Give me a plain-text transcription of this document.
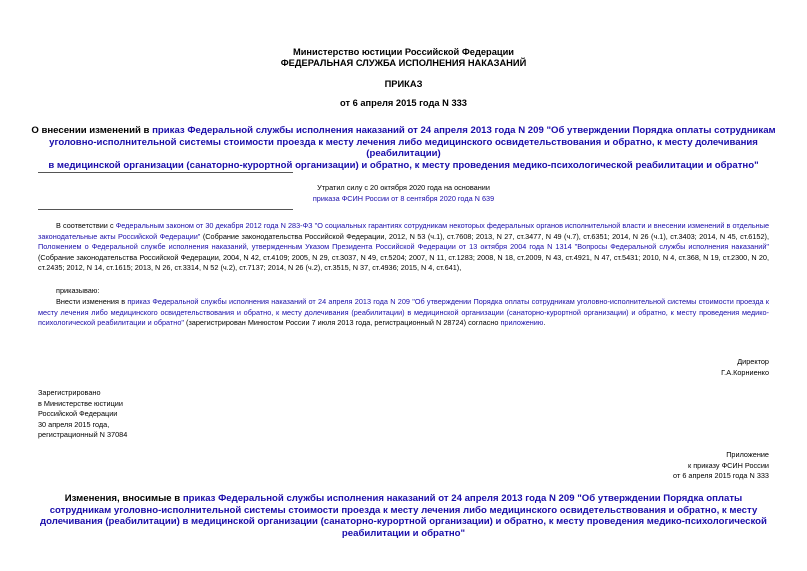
Министерство юстиции Российской Федерации
ФЕДЕРАЛЬНАЯ СЛУЖБА ИСПОЛНЕНИЯ НАКАЗАНИЙ
ПРИКАЗ
от 6 апреля 2015 года N 333
О внесении изменений в приказ Федеральной службы исполнения наказаний от 24 апреля 2013 года N 209 "Об утверждении Порядка оплаты сотрудникам
уголовно-исполнительной системы стоимости проезда к месту лечения либо медицинского освидетельствования и обратно, к месту долечивания (реабилитации)
в медицинской организации (санаторно-курортной организации) и обратно, к месту проведения медико-психологической реабилитации и обратно"
Утратил силу с 20 октября 2020 года на основании
приказа ФСИН России от 8 сентября 2020 года N 639
В соответствии с Федеральным законом от 30 декабря 2012 года N 283-ФЗ "О социальных гарантиях сотрудникам некоторых федеральных органов исполнительной власти и внесении изменений в отдельные законодательные акты Российской Федерации" (Собрание законодательства Российской Федерации, 2012, N 53 (ч.1), ст.7608; 2013, N 27, ст.3477, N 49 (ч.7), ст.6351; 2014, N 26 (ч.1), ст.3403; 2014, N 45, ст.6152), Положением о Федеральной службе исполнения наказаний, утвержденным Указом Президента Российской Федерации от 13 октября 2004 года N 1314 "Вопросы Федеральной службы исполнения наказаний" (Собрание законодательства Российской Федерации, 2004, N 42, ст.4109; 2005, N 29, ст.3037, N 49, ст.5204; 2007, N 11, ст.1283; 2008, N 18, ст.2009, N 43, ст.4921, N 47, ст.5431; 2010, N 4, ст.368, N 19, ст.2300, N 20, ст.2435; 2012, N 14, ст.1615; 2013, N 26, ст.3314, N 52 (ч.2), ст.7137; 2014, N 26 (ч.2), ст.3515, N 37, ст.4936; 2015, N 4, ст.641),
приказываю:
Внести изменения в приказ Федеральной службы исполнения наказаний от 24 апреля 2013 года N 209 "Об утверждении Порядка оплаты сотрудникам уголовно-исполнительной системы стоимости проезда к месту лечения либо медицинского освидетельствования и обратно, к месту долечивания (реабилитации) в медицинской организации (санаторно-курортной организации) и обратно, к месту проведения медико-психологической реабилитации и обратно" (зарегистрирован Минюстом России 7 июля 2013 года, регистрационный N 28724) согласно приложению.
Директор
Г.А.Корниенко
Зарегистрировано
в Министерстве юстиции
Российской Федерации
30 апреля 2015 года,
регистрационный N 37084
Приложение
к приказу ФСИН России
от 6 апреля 2015 года N 333
Изменения, вносимые в приказ Федеральной службы исполнения наказаний от 24 апреля 2013 года N 209 "Об утверждении Порядка оплаты сотрудникам уголовно-исполнительной системы стоимости проезда к месту лечения либо медицинского освидетельствования и обратно, к месту долечивания (реабилитации) в медицинской организации (санаторно-курортной организации) и обратно, к месту проведения медико-психологической реабилитации и обратно"
